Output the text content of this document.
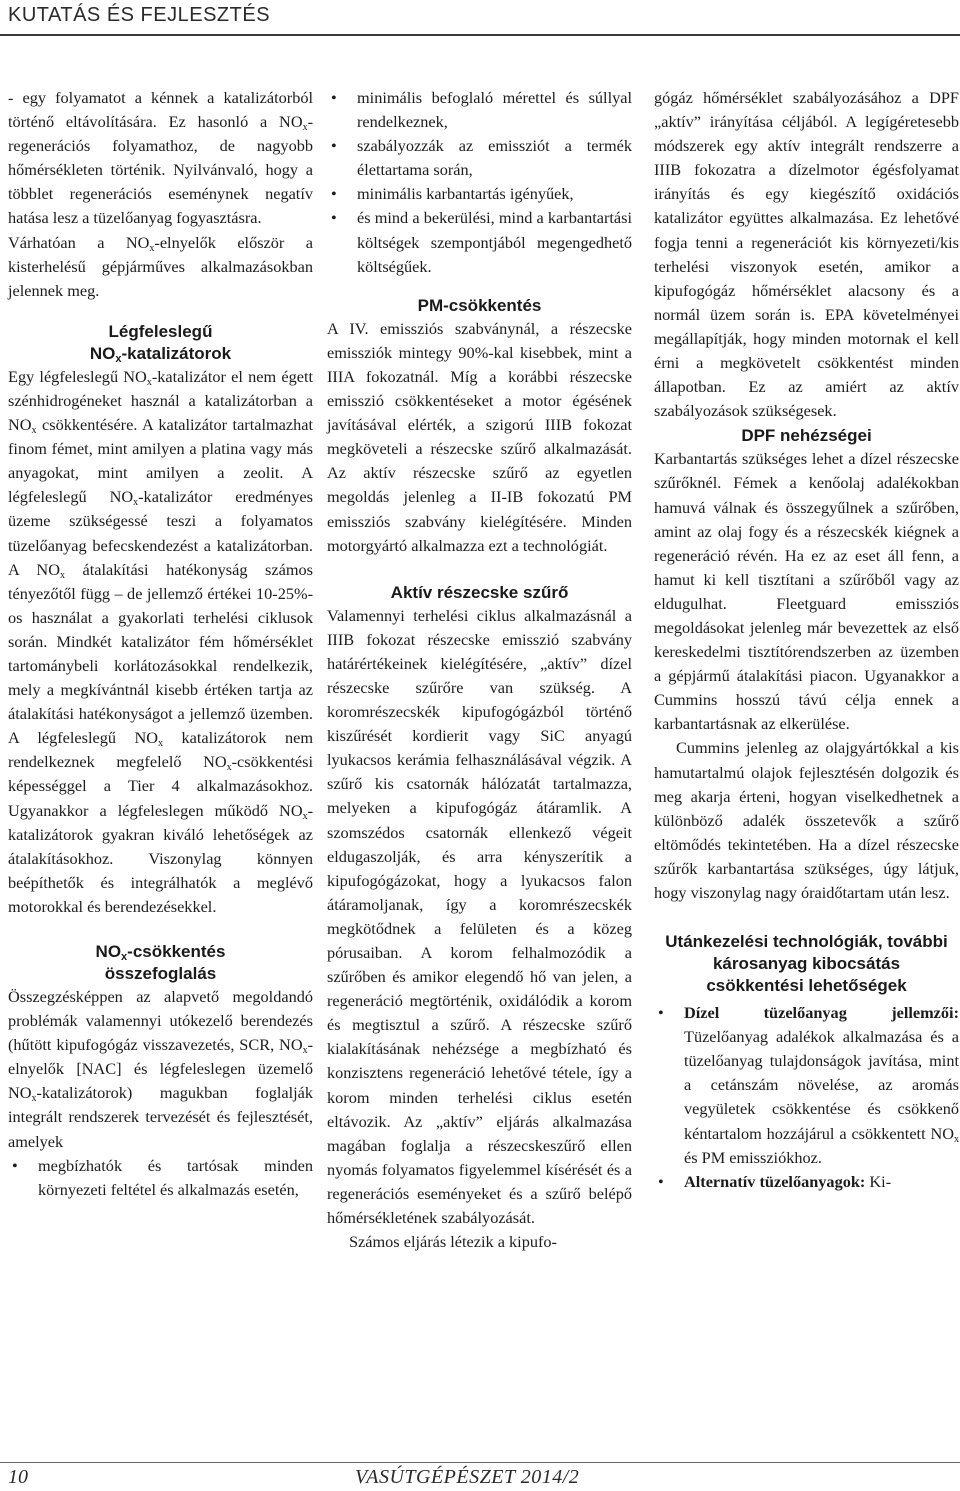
KUTATÁS ÉS FEJLESZTÉS

- egy folyamatot a kénnek a katalizátorból történő eltávolítására. Ez hasonló a $NO_x$-regenerációs folyamathoz, de nagyobb hőmérsékleten történik. Nyilvánvaló, hogy a többlet regenerációs eseménynek negatív hatása lesz a tüzelőanyag fogyasztásra.

Várhatóan a $NO_x$-elnyelők először a kisterhelésű gépjárműves alkalmazásokban jelennek meg.

Légfeleslegű
$NO_x$-katalizátorok

Egy légfeleslegű $NO_x$-katalizátor el nem égett szénhidrogéneket használ a katalizátorban a $NO_x$ csökkentésére. A katalizátor tartalmazhat finom fémet, mint amilyen a platina vagy más anyagokat, mint amilyen a zeolit. A légfeleslegű $NO_x$-katalizátor eredményes üzeme szükségessé teszi a folyamatos tüzelőanyag befecskendezést a katalizátorban. A $NO_x$ átalakítási hatékonyság számos tényezőtől függ – de jellemző értékei 10-25%-os használat a gyakorlati terhelési ciklusok során. Mindkét katalizátor fém hőmérséklet tartománybeli korlátozásokkal rendelkezik, mely a megkívántnál kisebb értéken tartja az átalakítási hatékonyságot a jellemző üzemben. A légfeleslegű $NO_x$ katalizátorok nem rendelkeznek megfelelő $NO_x$-csökkentési képességgel a Tier 4 alkalmazásokhoz. Ugyanakkor a légfeleslegen működő $NO_x$-katalizátorok gyakran kiváló lehetőségek az átalakításokhoz. Viszonylag könnyen beépíthetők és integrálhatók a meglévő motorokkal és berendezésekkel.

$NO_x$-csökkentés
összefoglalás

Összegzésképpen az alapvető megoldandó problémák valamennyi utókezelő berendezés (hűtött kipufogógáz visszavezetés, SCR, $NO_x$-elnyelők [NAC] és légfeleslegen üzemelő $NO_x-katalizátorok$) magukban foglalják integrált rendszerek tervezését és fejlesztését, amelyek

• megbízhatók és tartósak minden környezeti feltétel és alkalmazás esetén,
• minimális befoglaló mérettel és súllyal rendelkeznek,
• szabályozzák az emissziót a termék élettartama során,
• minimális karbantartás igényűek,
• és mind a bekerülési, mind a karbantartási költségek szempontjából megengedhető költségűek.
PM-csökkentés

A IV. emissziós szabványnál, a részecske emissziók mintegy 90%-kal kisebbek, mint a IIIA fokozatnál. Míg a korábbi részecske emisszió csökkentéseket a motor égésének javításával elérték, a szigorú IIIB fokozat megköveteli a részecske szűrő alkalmazását. Az aktív részecske szűrő az egyetlen megoldás jelenleg a II-IB fokozatú PM emissziós szabvány kielégítésére. Minden motorgyártó alkalmazza ezt a technológiát.

Aktív részecske szűrő

Valamennyi terhelési ciklus alkalmazásnál a IIIB fokozat részecske emisszió szabvány határértékeinek kielégítésére, „aktív” dízel részecske szűrőre van szükség. A koromrészecskék kipufogógázból történő kiszűrését kordierit vagy SiC anyagú lyukacsos kerámia felhasználásával végzik. A szűrő kis csatornák hálózatát tartalmazza, melyeken a kipufogógáz átáramlik. A szomszédos csatornák ellenkező végeit eldugaszolják, és arra kényszerítik a kipufogógázokat, hogy a lyukacsos falon átáramoljanak, így a koromrészecskék megkötődnek a felületen és a közeg pórusaiban. A korom felhalmozódik a szűrőben és amikor elegendő hő van jelen, a regeneráció megtörténik, oxidálódik a korom és megtisztul a szűrő. A részecske szűrő kialakításának nehézsége a megbízható és konzisztens regeneráció lehetővé tétele, így a korom minden terhelési ciklus esetén eltávozik. Az „aktív” eljárás alkalmazása magában foglalja a részecskeszűrő ellen nyomás folyamatos figyelemmel kísérését és a regenerációs eseményeket és a szűrő belépő hőmérsékletének szabályozását.

Számos eljárás létezik a kipufo-

gógáz hőmérséklet szabályozásához a DPF „aktív” irányítása céljából. A legígéretesebb módszerek egy aktív integrált rendszerre a IIIB fokozatra a dízelmotor égésfolyamat irányítás és egy kiegészítő oxidációs katalizátor együttes alkalmazása. Ez lehetővé fogja tenni a regenerációt kis környezeti/kis terhelési viszonyok esetén, amikor a kipufogógáz hőmérséklet alacsony és a normál üzem során is. EPA követelményei megállapítják, hogy minden motornak el kell érni a megkövetelt csökkentést minden állapotban. Ez az amiért az aktív szabályozások szükségesek.

DPF nehézségei

Karbantartás szükséges lehet a dízel részecske szűrőknél. Fémek a kenőolaj adalékokban hamuvá válnak és összegyűlnek a szűrőben, amint az olaj fogy és a részecskék kiégnek a regeneráció révén. Ha ez az eset áll fenn, a hamut ki kell tisztítani a szűrőből vagy az eldugulhat. Fleetguard emissziós megoldásokat jelenleg már bevezettek az első kereskedelmi tisztítórendszerben az üzemben a gépjármű átalakítási piacon. Ugyanakkor a Cummins hosszú távú célja ennek a karbantartásnak az elkerülése.

Cummins jelenleg az olajgyártókkal a kis hamutartalmú olajok fejlesztésén dolgozik és meg akarja érteni, hogyan viselkedhetnek a különböző adalék összetevők a szűrő eltömődés tekintetében. Ha a dízel részecske szűrők karbantartása szükséges, úgy látjuk, hogy viszonylag nagy óraidőtartam után lesz.

Utánkezelési technológiák, további károsanyag kibocsátás csökkentési lehetőségek
• Dízel tüzelőanyag jellemzői: Tüzelőanyag adalékok alkalmazása és a tüzelőanyag tulajdonságok javítása, mint a cetánszám növelése, az aromás vegyületek csökkentése és csökkenő kéntartalom hozzájárul a csökkentett $NO_x$ és PM emissziókhoz.
• Alternatív tüzelőanyagok: Ki-
10	VASÚTGÉPÉSZET 2014/2
